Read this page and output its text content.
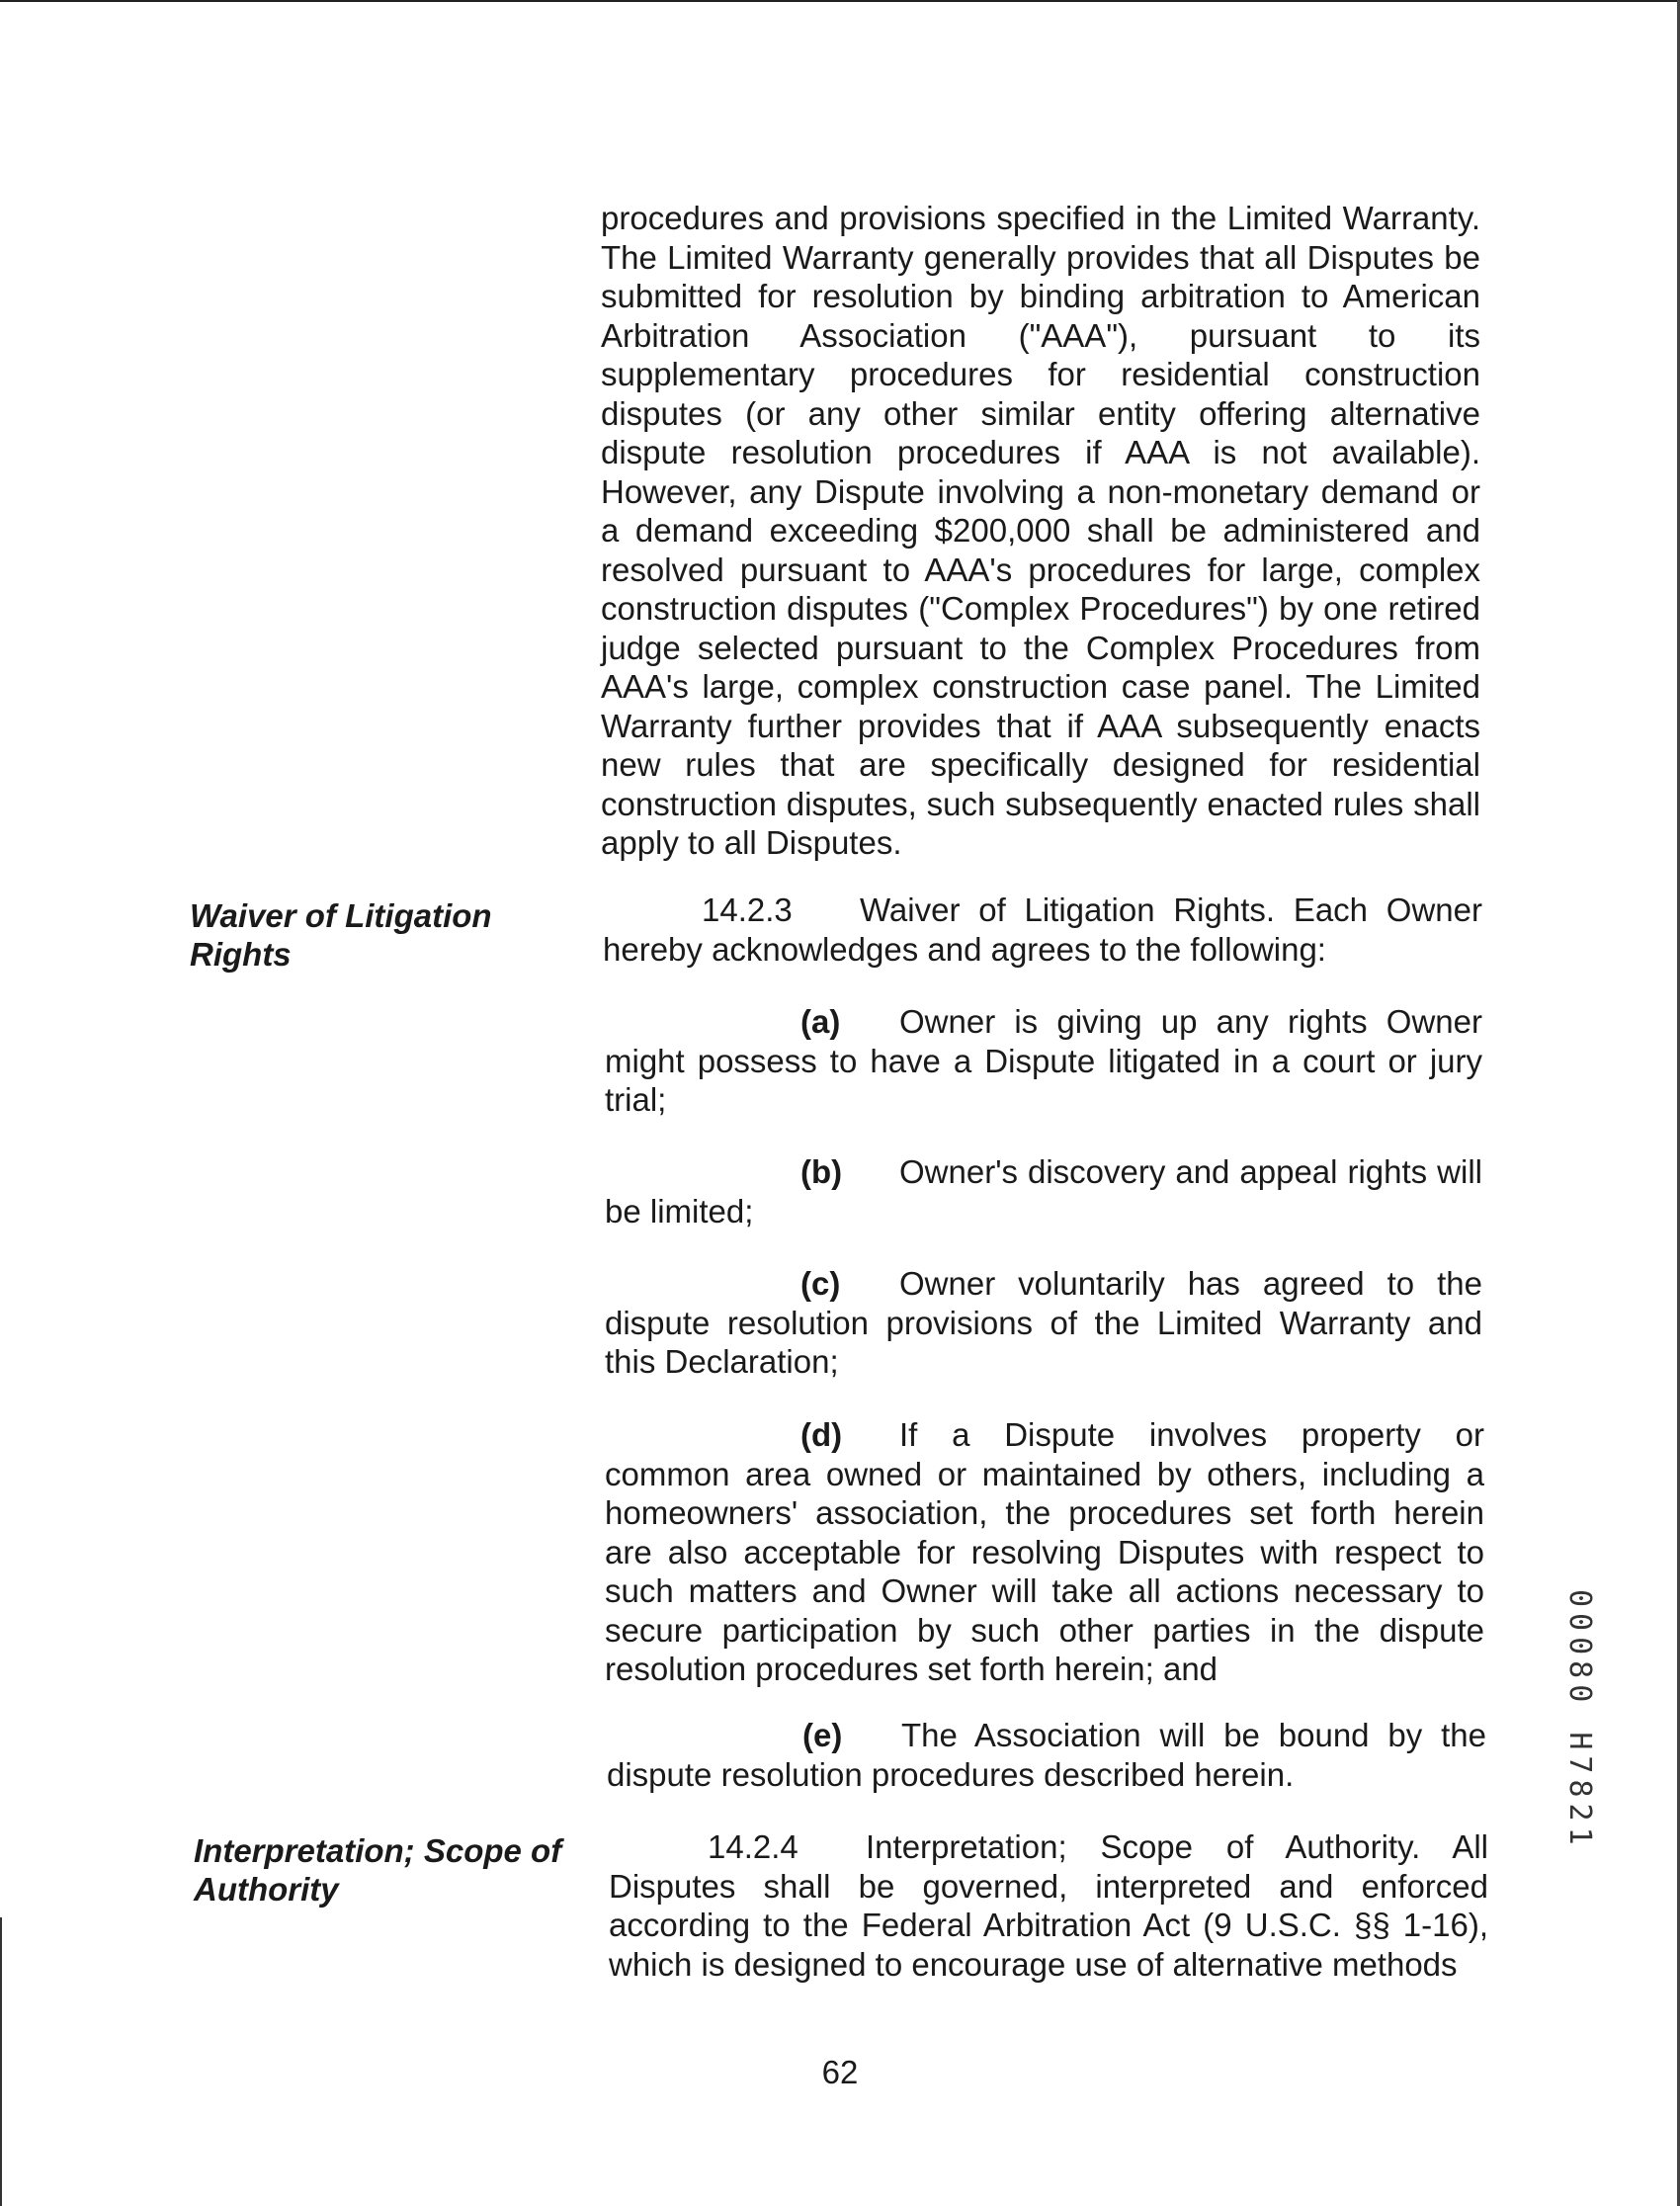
procedures and provisions specified in the Limited Warranty. The Limited Warranty generally provides that all Disputes be submitted for resolution by binding arbitration to American Arbitration Association ("AAA"), pursuant to its supplementary procedures for residential construction disputes (or any other similar entity offering alternative dispute resolution procedures if AAA is not available). However, any Dispute involving a non-monetary demand or a demand exceeding $200,000 shall be administered and resolved pursuant to AAA's procedures for large, complex construction disputes ("Complex Procedures") by one retired judge selected pursuant to the Complex Procedures from AAA's large, complex construction case panel. The Limited Warranty further provides that if AAA subsequently enacts new rules that are specifically designed for residential construction disputes, such subsequently enacted rules shall apply to all Disputes.
Waiver of Litigation Rights
14.2.3 Waiver of Litigation Rights. Each Owner hereby acknowledges and agrees to the following:
(a) Owner is giving up any rights Owner might possess to have a Dispute litigated in a court or jury trial;
(b) Owner's discovery and appeal rights will be limited;
(c) Owner voluntarily has agreed to the dispute resolution provisions of the Limited Warranty and this Declaration;
(d) If a Dispute involves property or common area owned or maintained by others, including a homeowners' association, the procedures set forth herein are also acceptable for resolving Disputes with respect to such matters and Owner will take all actions necessary to secure participation by such other parties in the dispute resolution procedures set forth herein; and
(e) The Association will be bound by the dispute resolution procedures described herein.
Interpretation; Scope of Authority
14.2.4 Interpretation; Scope of Authority. All Disputes shall be governed, interpreted and enforced according to the Federal Arbitration Act (9 U.S.C. §§ 1-16), which is designed to encourage use of alternative methods
62
00080 H7821
